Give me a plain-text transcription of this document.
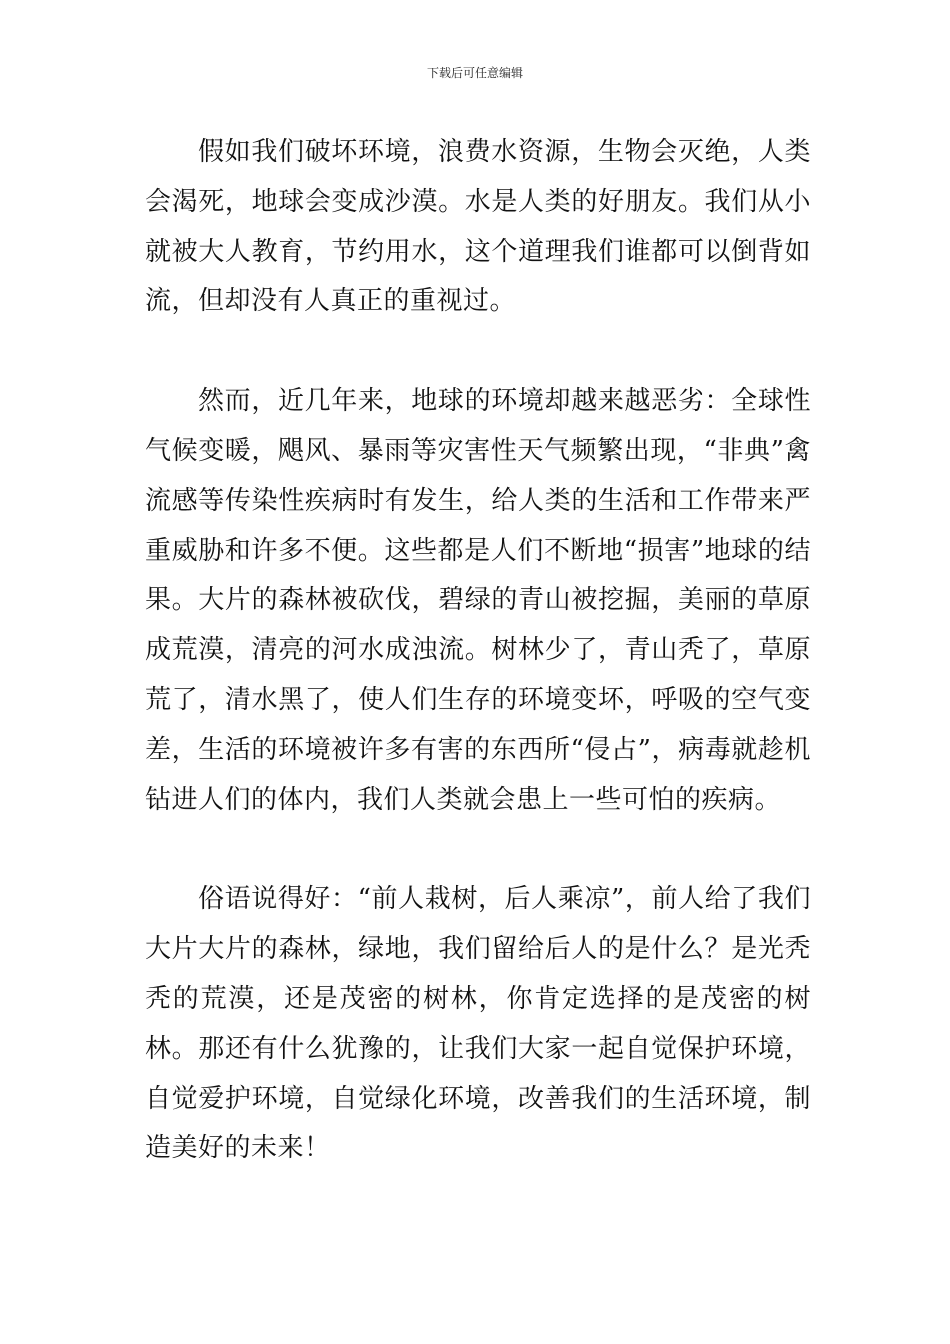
下载后可任意编辑

假如我们破坏环境，浪费水资源，生物会灭绝，人类会渴死，地球会变成沙漠。水是人类的好朋友。我们从小就被大人教育，节约用水，这个道理我们谁都可以倒背如流，但却没有人真正的重视过。

然而，近几年来，地球的环境却越来越恶劣：全球性气候变暖，飓风、暴雨等灾害性天气频繁出现，“非典”禽流感等传染性疾病时有发生，给人类的生活和工作带来严重威胁和许多不便。这些都是人们不断地“损害”地球的结果。大片的森林被砍伐，碧绿的青山被挖掘，美丽的草原成荒漠，清亮的河水成浊流。树林少了，青山秃了，草原荒了，清水黑了，使人们生存的环境变坏，呼吸的空气变差，生活的环境被许多有害的东西所“侵占”，病毒就趁机钻进人们的体内，我们人类就会患上一些可怕的疾病。

俗语说得好：“前人栽树，后人乘凉”，前人给了我们大片大片的森林，绿地，我们留给后人的是什么？是光秃秃的荒漠，还是茂密的树林，你肯定选择的是茂密的树林。那还有什么犹豫的，让我们大家一起自觉保护环境，自觉爱护环境，自觉绿化环境，改善我们的生活环境，制造美好的未来！
